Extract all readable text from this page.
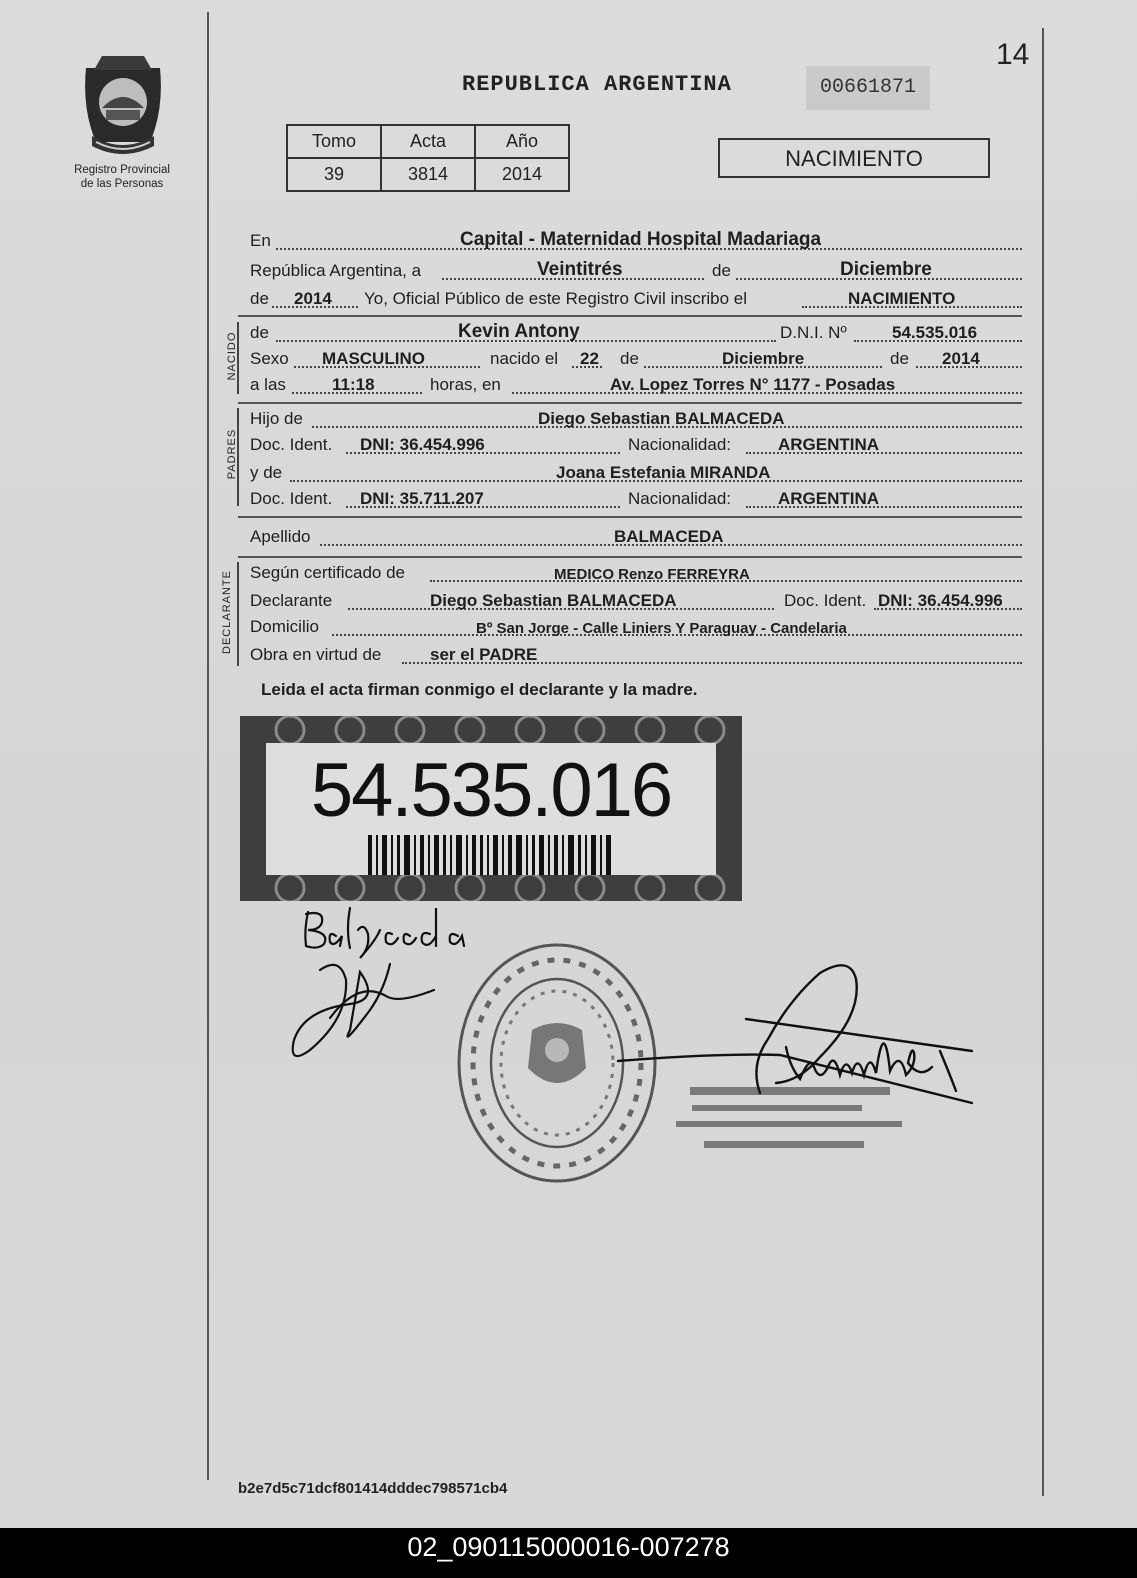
14
Registro Provincial
de las Personas
REPUBLICA ARGENTINA	00661871
Tomo	Acta	Año
39	3814	2014
NACIMIENTO
En	Capital - Maternidad Hospital Madariaga
República Argentina, a	Veintitrés	de	Diciembre
de 2014 Yo, Oficial Público de este Registro Civil inscribo el	NACIMIENTO
NACIDO de	Kevin Antony	D.N.I. Nº	54.535.016
Sexo MASCULINO	nacido el 22 de	Diciembre	de 2014
a las	11:18	horas, en	Av. Lopez Torres N° 1177 - Posadas
PADRES
Hijo de	Diego Sebastian BALMACEDA
Doc. Ident. DNI: 36.454.996	Nacionalidad:	ARGENTINA
y de	Joana Estefania MIRANDA
Doc. Ident. DNI: 35.711.207	Nacionalidad:	ARGENTINA
Apellido	BALMACEDA
DECLARANTE Según certificado de	MEDICO Renzo FERREYRA
Declarante	Diego Sebastian BALMACEDA	Doc. Ident. DNI: 36.454.996
Domicilio	Bº San Jorge - Calle Liniers Y Paraguay - Candelaria
Obra en virtud de	ser el PADRE
Leida el acta firman conmigo el declarante y la madre.
54.535.016
b2e7d5c71dcf801414dddec798571cb4
02_090115000016-007278
